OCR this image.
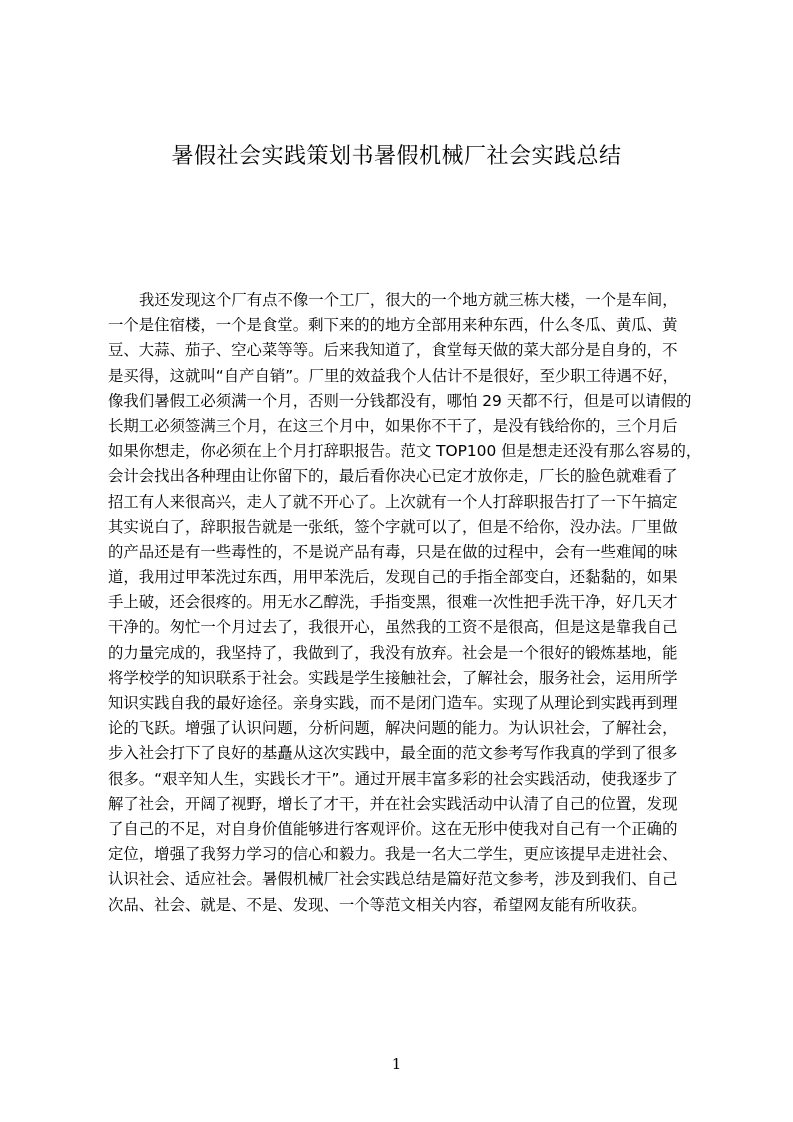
暑假社会实践策划书暑假机械厂社会实践总结
我还发现这个厂有点不像一个工厂，很大的一个地方就三栋大楼，一个是车间，
一个是住宿楼，一个是食堂。剩下来的的地方全部用来种东西，什么冬瓜、黄瓜、黄
豆、大蒜、茄子、空心菜等等。后来我知道了，食堂每天做的菜大部分是自身的，不
是买得，这就叫“自产自销”。厂里的效益我个人估计不是很好，至少职工待遇不好，
像我们暑假工必须满一个月，否则一分钱都没有，哪怕 29 天都不行，但是可以请假的
长期工必须签满三个月，在这三个月中，如果你不干了，是没有钱给你的，三个月后
如果你想走，你必须在上个月打辞职报告。范文 TOP100 但是想走还没有那么容易的，
会计会找出各种理由让你留下的，最后看你决心已定才放你走，厂长的脸色就难看了
招工有人来很高兴，走人了就不开心了。上次就有一个人打辞职报告打了一下午搞定
其实说白了，辞职报告就是一张纸，签个字就可以了，但是不给你，没办法。厂里做
的产品还是有一些毒性的，不是说产品有毒，只是在做的过程中，会有一些难闻的味
道，我用过甲苯洗过东西，用甲苯洗后，发现自己的手指全部变白，还黏黏的，如果
手上破，还会很疼的。用无水乙醇洗，手指变黑，很难一次性把手洗干净，好几天才
干净的。匆忙一个月过去了，我很开心，虽然我的工资不是很高，但是这是靠我自己
的力量完成的，我坚持了，我做到了，我没有放弃。社会是一个很好的锻炼基地，能
将学校学的知识联系于社会。实践是学生接触社会，了解社会，服务社会，运用所学
知识实践自我的最好途径。亲身实践，而不是闭门造车。实现了从理论到实践再到理
论的飞跃。增强了认识问题，分析问题，解决问题的能力。为认识社会，了解社会，
步入社会打下了良好的基矗从这次实践中，最全面的范文参考写作我真的学到了很多
很多。“艰辛知人生，实践长才干”。通过开展丰富多彩的社会实践活动，使我逐步了
解了社会，开阔了视野，增长了才干，并在社会实践活动中认清了自己的位置，发现
了自己的不足，对自身价值能够进行客观评价。这在无形中使我对自己有一个正确的
定位，增强了我努力学习的信心和毅力。我是一名大二学生，更应该提早走进社会、
认识社会、适应社会。暑假机械厂社会实践总结是篇好范文参考，涉及到我们、自己
次品、社会、就是、不是、发现、一个等范文相关内容，希望网友能有所收获。
1
